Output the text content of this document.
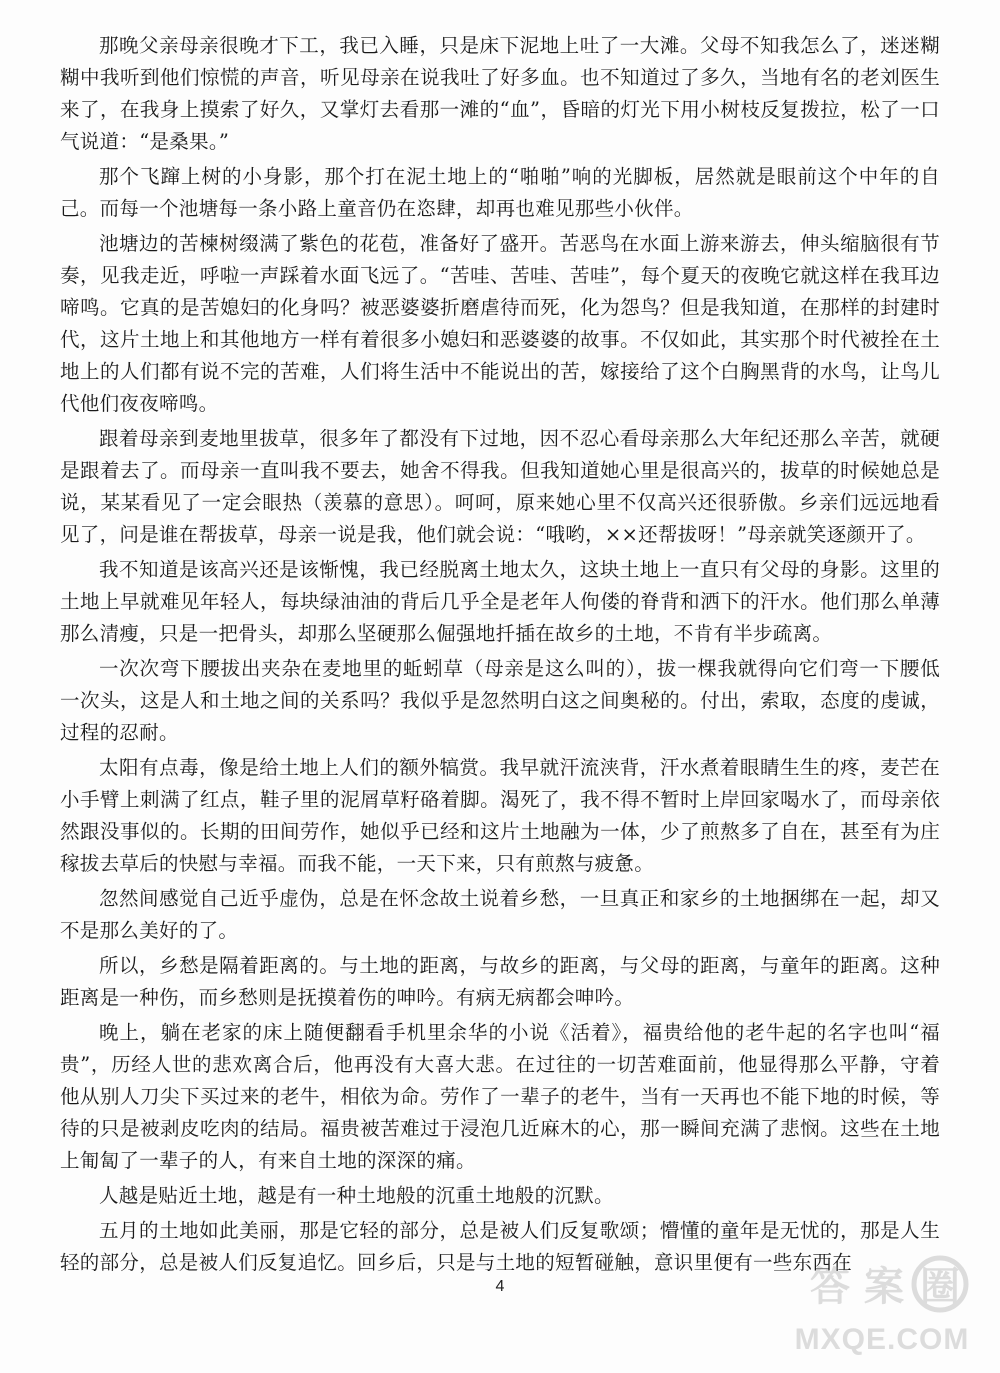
那晚父亲母亲很晚才下工，我已入睡，只是床下泥地上吐了一大滩。父母不知我怎么了，迷迷糊糊中我听到他们惊慌的声音，听见母亲在说我吐了好多血。也不知道过了多久，当地有名的老刘医生来了，在我身上摸索了好久，又掌灯去看那一滩的“血”，昏暗的灯光下用小树枝反复拨拉，松了一口气说道：“是桑果。”

那个飞蹿上树的小身影，那个打在泥土地上的“啪啪”响的光脚板，居然就是眼前这个中年的自己。而每一个池塘每一条小路上童音仍在恣肆，却再也难见那些小伙伴。

池塘边的苦楝树缀满了紫色的花苞，准备好了盛开。苦恶鸟在水面上游来游去，伸头缩脑很有节奏，见我走近，呼啦一声踩着水面飞远了。“苦哇、苦哇、苦哇”，每个夏天的夜晚它就这样在我耳边啼鸣。它真的是苦媳妇的化身吗？被恶婆婆折磨虐待而死，化为怨鸟？但是我知道，在那样的封建时代，这片土地上和其他地方一样有着很多小媳妇和恶婆婆的故事。不仅如此，其实那个时代被拴在土地上的人们都有说不完的苦难，人们将生活中不能说出的苦，嫁接给了这个白胸黑背的水鸟，让鸟儿代他们夜夜啼鸣。

跟着母亲到麦地里拔草，很多年了都没有下过地，因不忍心看母亲那么大年纪还那么辛苦，就硬是跟着去了。而母亲一直叫我不要去，她舍不得我。但我知道她心里是很高兴的，拔草的时候她总是说，某某看见了一定会眼热（羡慕的意思）。呵呵，原来她心里不仅高兴还很骄傲。乡亲们远远地看见了，问是谁在帮拔草，母亲一说是我，他们就会说：“哦哟，××还帮拔呀！”母亲就笑逐颜开了。

我不知道是该高兴还是该惭愧，我已经脱离土地太久，这块土地上一直只有父母的身影。这里的土地上早就难见年轻人，每块绿油油的背后几乎全是老年人佝偻的脊背和洒下的汗水。他们那么单薄那么清瘦，只是一把骨头，却那么坚硬那么倔强地扦插在故乡的土地，不肯有半步疏离。

一次次弯下腰拔出夹杂在麦地里的蚯蚓草（母亲是这么叫的），拔一棵我就得向它们弯一下腰低一次头，这是人和土地之间的关系吗？我似乎是忽然明白这之间奥秘的。付出，索取，态度的虔诚，过程的忍耐。

太阳有点毒，像是给土地上人们的额外犒赏。我早就汗流浃背，汗水煮着眼睛生生的疼，麦芒在小手臂上刺满了红点，鞋子里的泥屑草籽硌着脚。渴死了，我不得不暂时上岸回家喝水了，而母亲依然跟没事似的。长期的田间劳作，她似乎已经和这片土地融为一体，少了煎熬多了自在，甚至有为庄稼拔去草后的快慰与幸福。而我不能，一天下来，只有煎熬与疲惫。

忽然间感觉自己近乎虚伪，总是在怀念故土说着乡愁，一旦真正和家乡的土地捆绑在一起，却又不是那么美好的了。

所以，乡愁是隔着距离的。与土地的距离，与故乡的距离，与父母的距离，与童年的距离。这种距离是一种伤，而乡愁则是抚摸着伤的呻吟。有病无病都会呻吟。

晚上，躺在老家的床上随便翻看手机里余华的小说《活着》，福贵给他的老牛起的名字也叫“福贵”，历经人世的悲欢离合后，他再没有大喜大悲。在过往的一切苦难面前，他显得那么平静，守着他从别人刀尖下买过来的老牛，相依为命。劳作了一辈子的老牛，当有一天再也不能下地的时候，等待的只是被剥皮吃肉的结局。福贵被苦难过于浸泡几近麻木的心，那一瞬间充满了悲悯。这些在土地上匍匐了一辈子的人，有来自土地的深深的痛。

人越是贴近土地，越是有一种土地般的沉重土地般的沉默。

五月的土地如此美丽，那是它轻的部分，总是被人们反复歌颂；懵懂的童年是无忧的，那是人生轻的部分，总是被人们反复追忆。回乡后，只是与土地的短暂碰触，意识里便有一些东西在

4	答 案 圈
MXQE.COM
